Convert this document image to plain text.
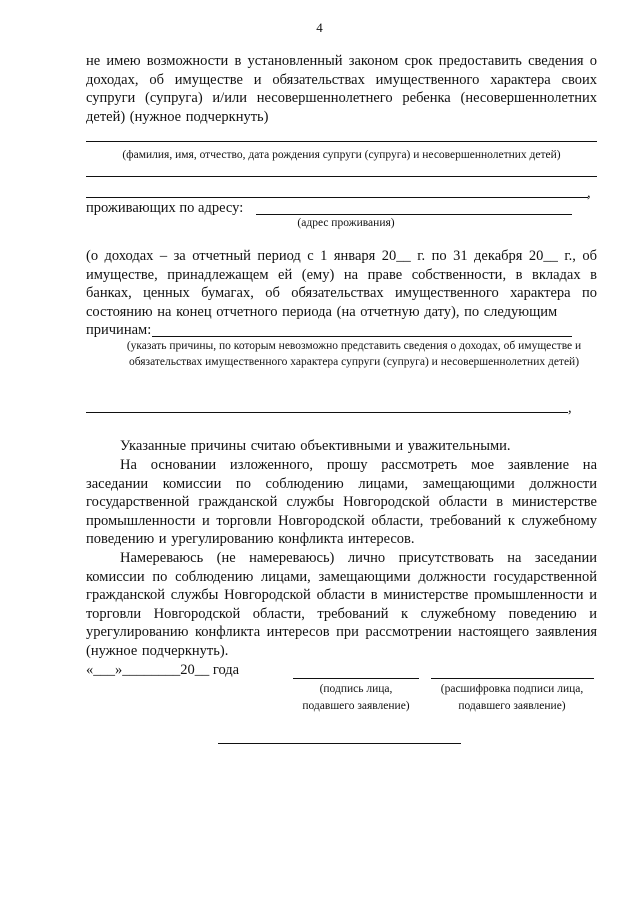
4
не имею возможности в установленный законом срок предоставить сведения о доходах, об имуществе и обязательствах имущественного характера своих супруги (супруга) и/или несовершеннолетнего ребенка (несовершеннолетних детей) (нужное подчеркнуть)
(фамилия, имя, отчество, дата рождения супруги (супруга) и несовершеннолетних детей)
,
проживающих по адресу:
(адрес проживания)
(о доходах – за отчетный период с 1 января 20__ г. по 31 декабря 20__ г., об имуществе, принадлежащем ей (ему) на праве собственности, в вкладах в банках, ценных бумагах, об обязательствах имущественного характера по состоянию на конец отчетного периода (на отчетную дату), по следующим
причинам:
(указать причины, по которым невозможно представить сведения о доходах, об имуществе и обязательствах имущественного характера супруги (супруга) и несовершеннолетних детей)
,
Указанные причины считаю объективными и уважительными.
На основании изложенного, прошу рассмотреть мое заявление на заседании комиссии по соблюдению лицами, замещающими должности государственной гражданской службы Новгородской области в министерстве промышленности и торговли Новгородской области, требований к служебному поведению и урегулированию конфликта интересов.
Намереваюсь (не намереваюсь) лично присутствовать на заседании комиссии по соблюдению лицами, замещающими должности государственной гражданской службы Новгородской области в министерстве промышленности и торговли Новгородской области, требований к служебному поведению и урегулированию конфликта интересов при рассмотрении настоящего заявления (нужное подчеркнуть).
«___»________20__ года
(подпись лица, подавшего заявление)
(расшифровка подписи лица, подавшего заявление)
